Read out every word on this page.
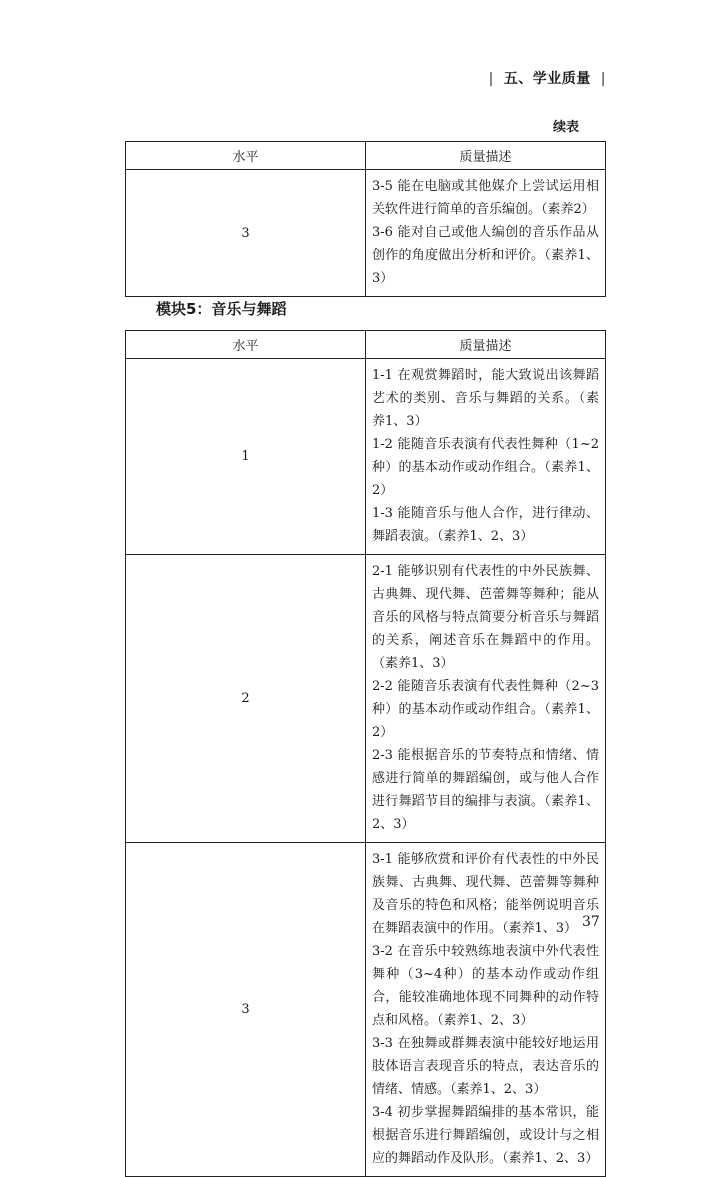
| 五、学业质量 |
续表
水平	质量描述
3	3-5 能在电脑或其他媒介上尝试运用相关软件进行简单的音乐编创。（素养2）
3-6 能对自己或他人编创的音乐作品从创作的角度做出分析和评价。（素养1、3）
模块5：音乐与舞蹈
水平	质量描述
1	1-1 在观赏舞蹈时，能大致说出该舞蹈艺术的类别、音乐与舞蹈的关系。（素养1、3）
1-2 能随音乐表演有代表性舞种（1~2种）的基本动作或动作组合。（素养1、2）
1-3 能随音乐与他人合作，进行律动、舞蹈表演。（素养1、2、3）

2	2-1 能够识别有代表性的中外民族舞、古典舞、现代舞、芭蕾舞等舞种；能从音乐的风格与特点简要分析音乐与舞蹈的关系，阐述音乐在舞蹈中的作用。（素养1、3）
2-2 能随音乐表演有代表性舞种（2~3种）的基本动作或动作组合。（素养1、2）
2-3 能根据音乐的节奏特点和情绪、情感进行简单的舞蹈编创，或与他人合作进行舞蹈节目的编排与表演。（素养1、2、3）

3	3-1 能够欣赏和评价有代表性的中外民族舞、古典舞、现代舞、芭蕾舞等舞种及音乐的特色和风格；能举例说明音乐在舞蹈表演中的作用。（素养1、3）
3-2 在音乐中较熟练地表演中外代表性舞种（3~4种）的基本动作或动作组合，能较准确地体现不同舞种的动作特点和风格。（素养1、2、3）
3-3 在独舞或群舞表演中能较好地运用肢体语言表现音乐的特点，表达音乐的情绪、情感。（素养1、2、3）
3-4 初步掌握舞蹈编排的基本常识，能根据音乐进行舞蹈编创，或设计与之相应的舞蹈动作及队形。（素养1、2、3）
37
